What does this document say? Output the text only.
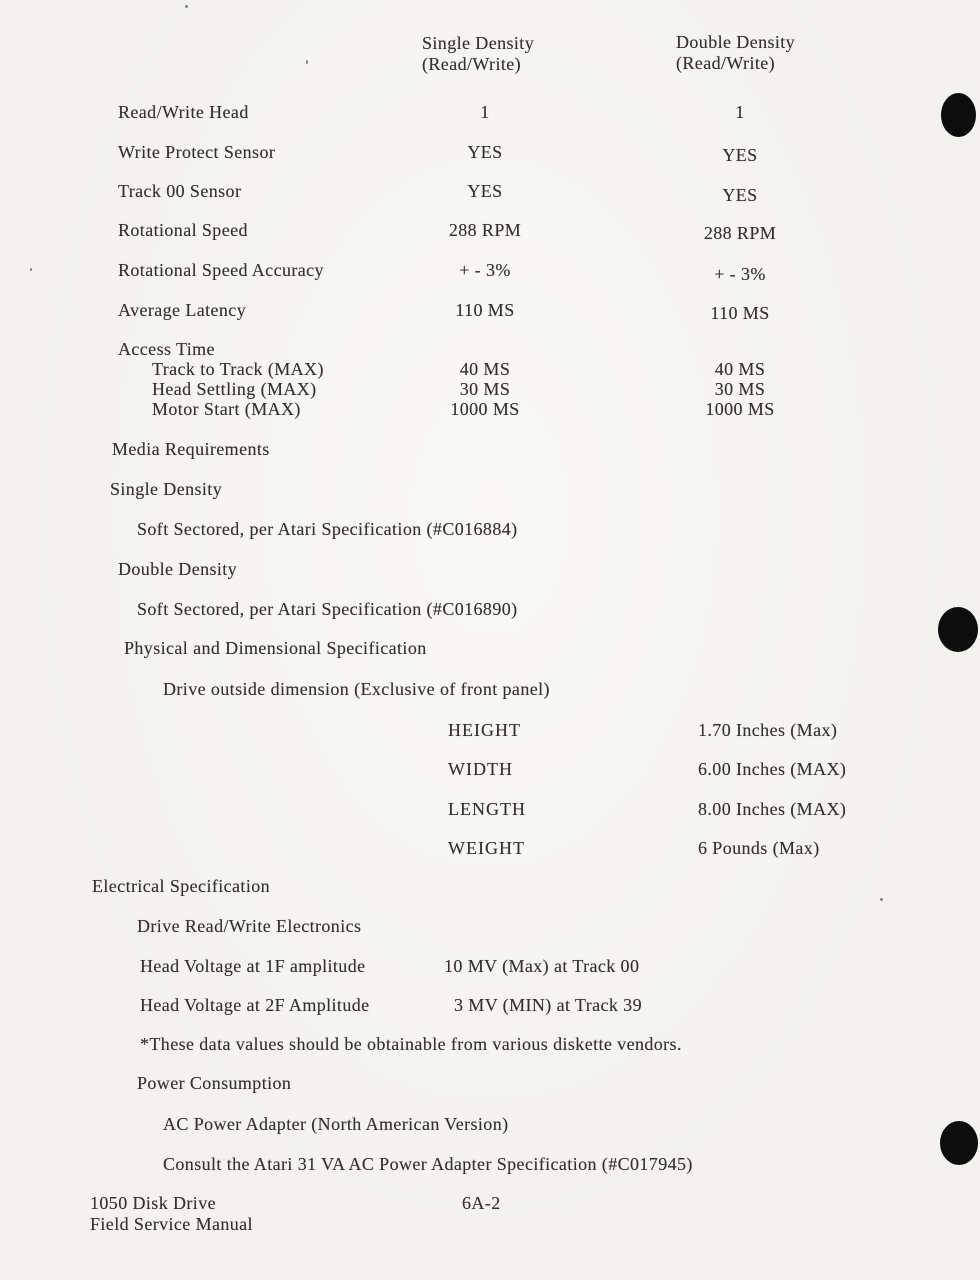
Single Density
(Read/Write)
Double Density
(Read/Write)
Read/Write Head	1	1
Write Protect Sensor	YES	YES
Track 00 Sensor	YES	YES
Rotational Speed	288 RPM	288 RPM
Rotational Speed Accuracy	+ - 3%	+ - 3%
Average Latency	110 MS	110 MS
Access Time
Track to Track (MAX)	40 MS	40 MS
Head Settling (MAX)	30 MS	30 MS
Motor Start (MAX)	1000 MS	1000 MS
Media Requirements
Single Density
Soft Sectored, per Atari Specification (#C016884)
Double Density
Soft Sectored, per Atari Specification (#C016890)
Physical and Dimensional Specification
Drive outside dimension (Exclusive of front panel)
HEIGHT	1.70 Inches (Max)
WIDTH	6.00 Inches (MAX)
LENGTH	8.00 Inches (MAX)
WEIGHT	6 Pounds (Max)
Electrical Specification
Drive Read/Write Electronics
Head Voltage at 1F amplitude	10 MV (Max) at Track 00
Head Voltage at 2F Amplitude	3 MV (MIN) at Track 39
*These data values should be obtainable from various diskette vendors.
Power Consumption
AC Power Adapter (North American Version)
Consult the Atari 31 VA AC Power Adapter Specification (#C017945)
1050 Disk Drive
Field Service Manual
6A-2
